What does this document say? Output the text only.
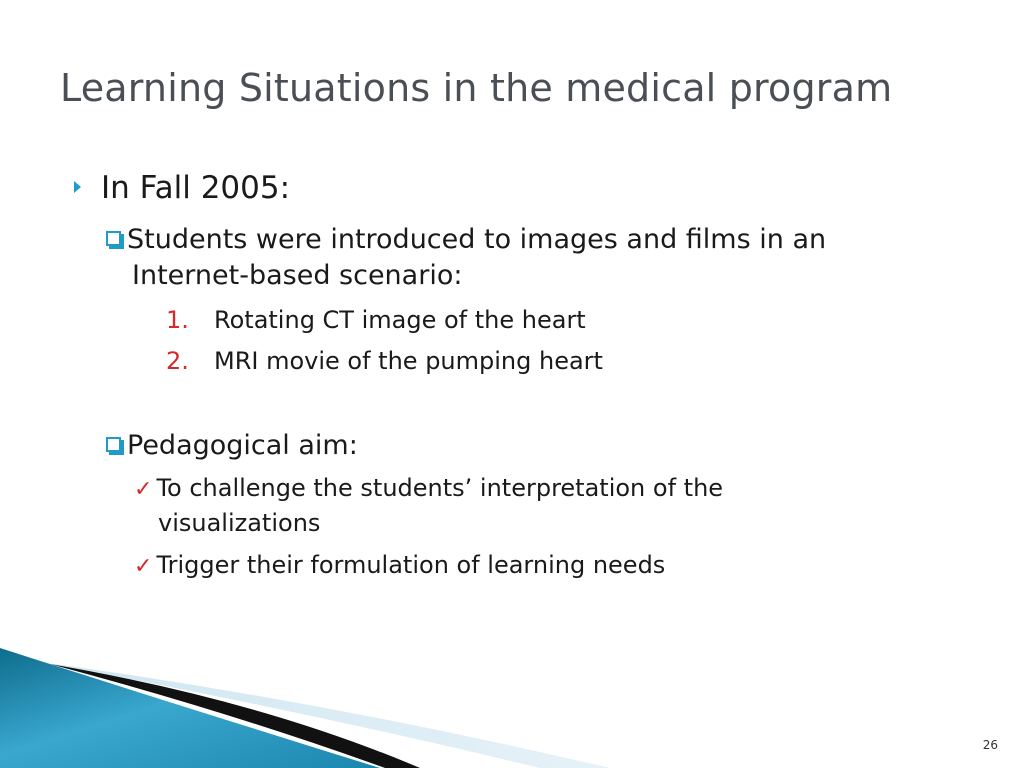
Learning Situations in the medical program
In Fall 2005:
Students were introduced to images and films in an
Internet-based scenario:
1. Rotating CT image of the heart
2. MRI movie of the pumping heart
Pedagogical aim:
✓ To challenge the students’ interpretation of the
visualizations
✓ Trigger their formulation of learning needs
26
